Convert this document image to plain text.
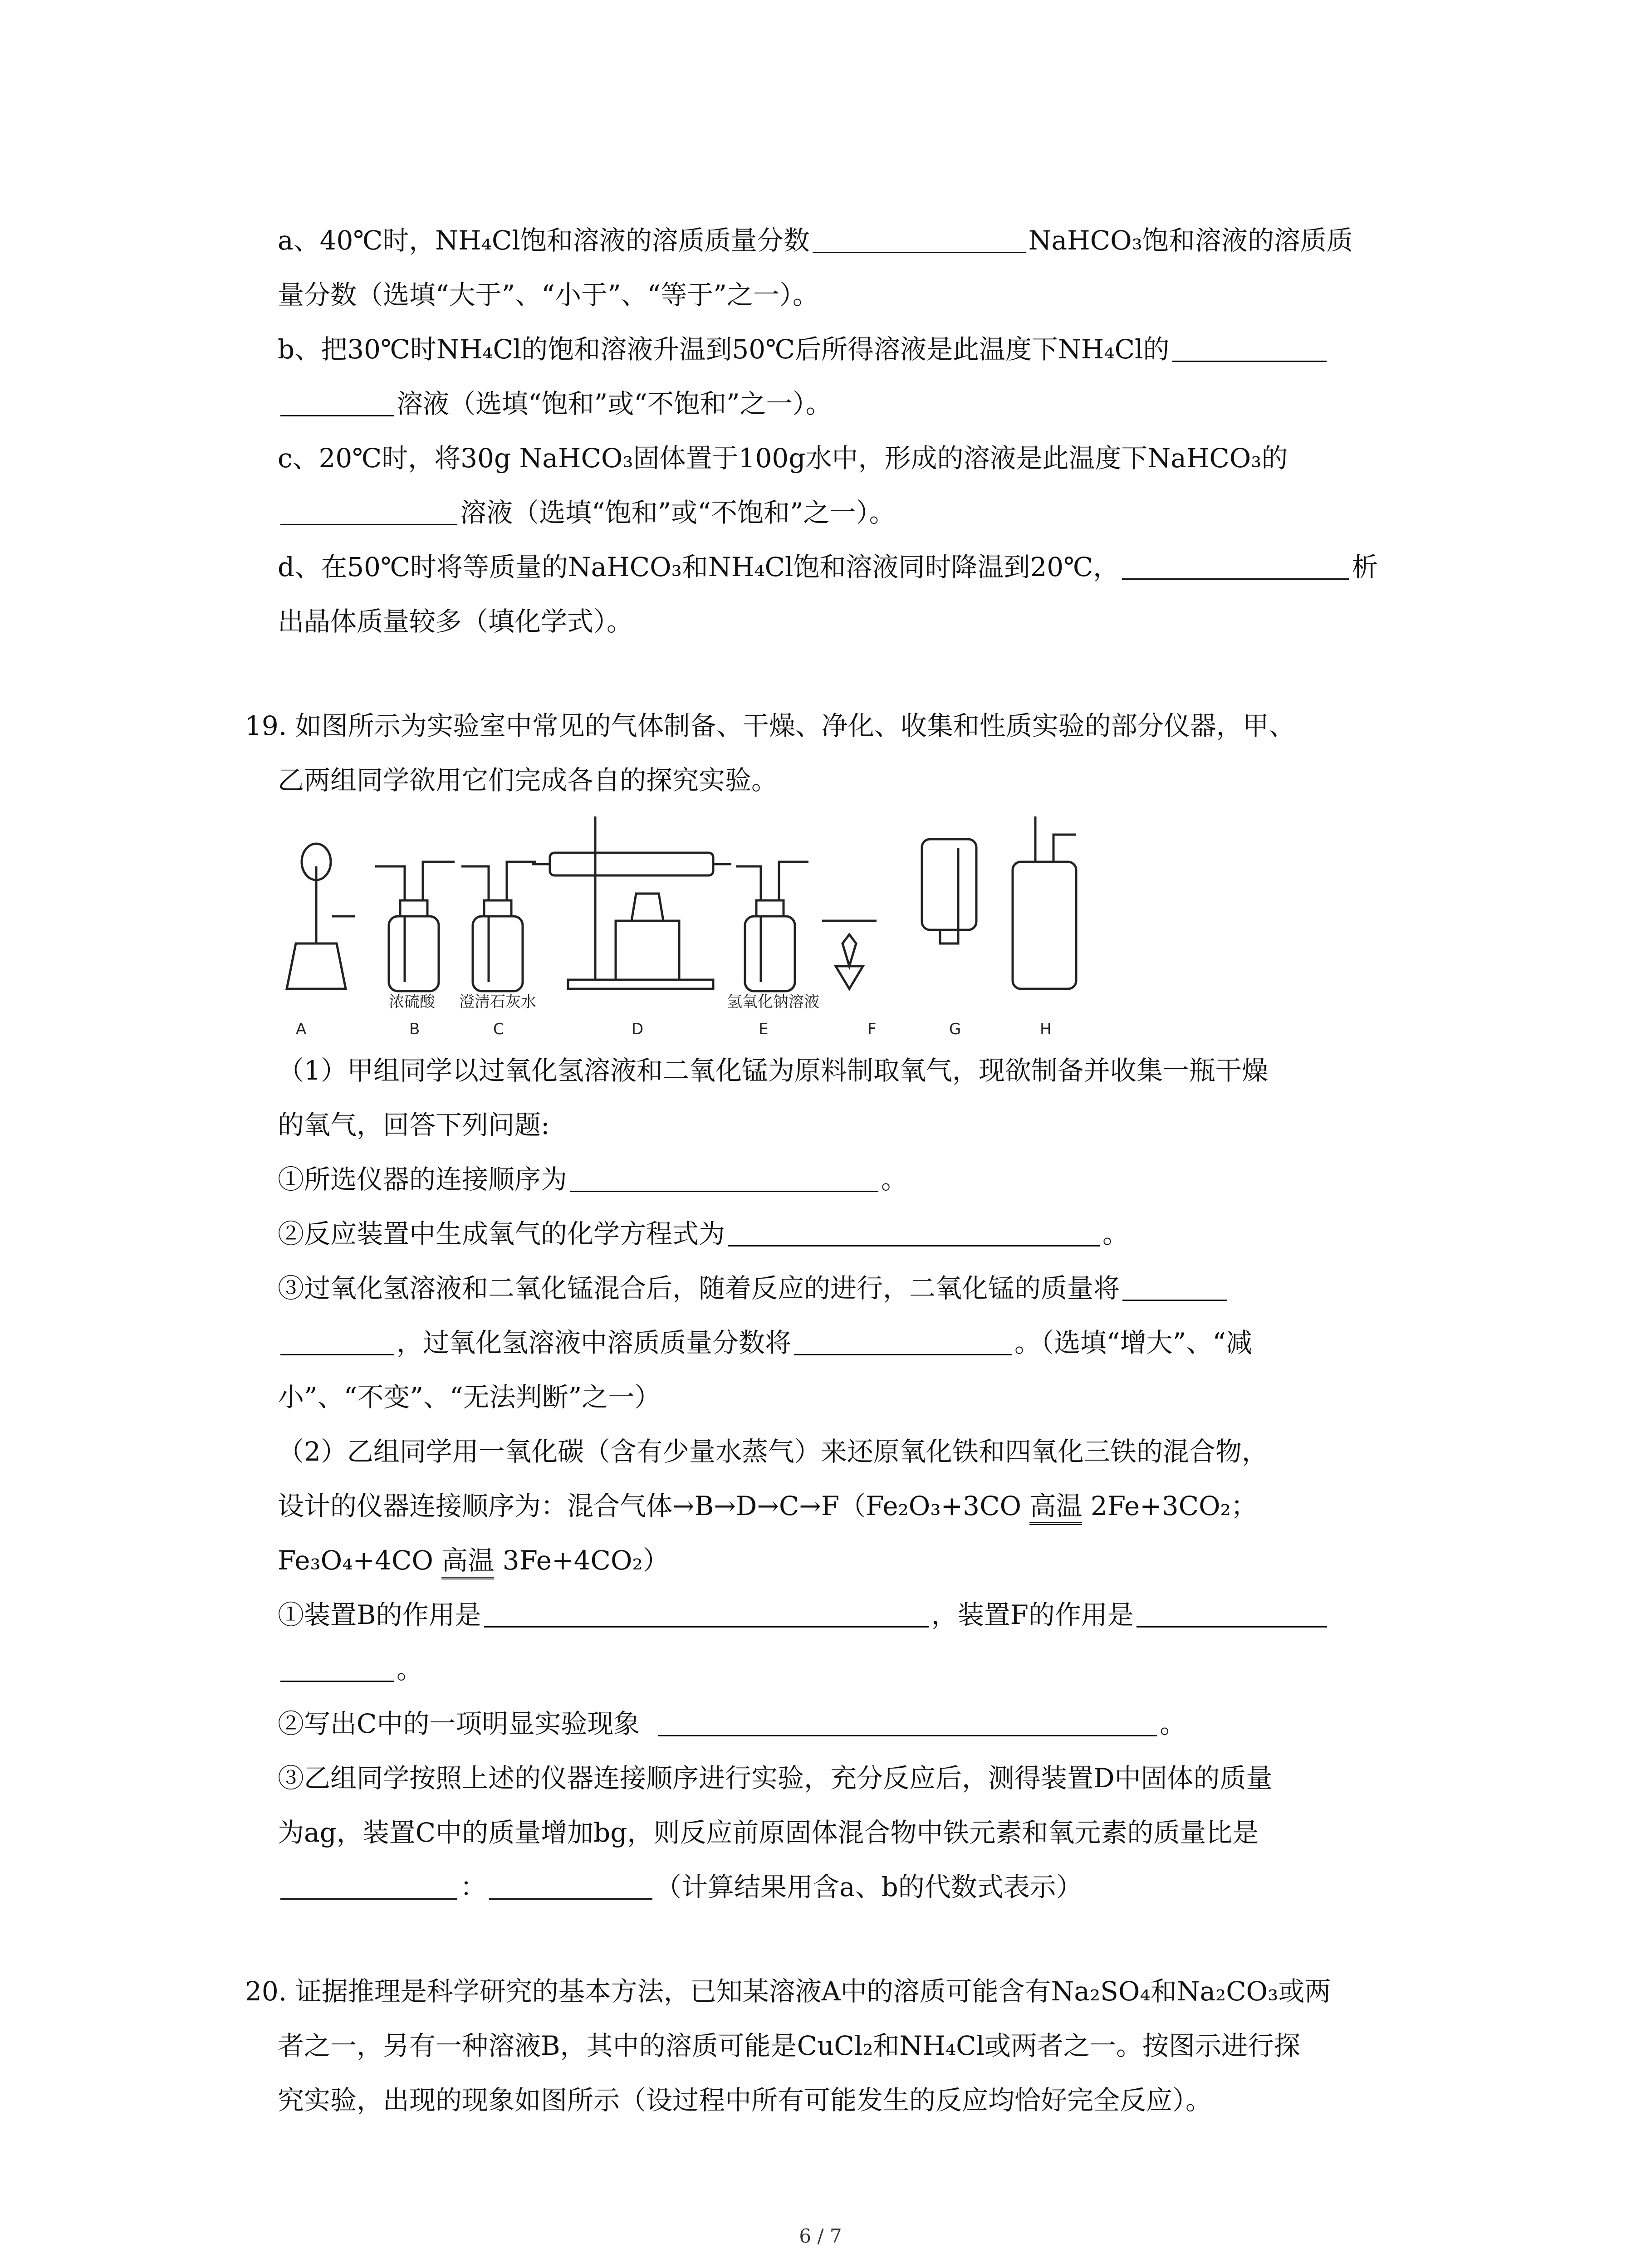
a、40℃时，NH₄Cl饱和溶液的溶质质量分数	NaHCO₃饱和溶液的溶质质
量分数（选填“大于”、“小于”、“等于”之一）。
b、把30℃时NH₄Cl的饱和溶液升温到50℃后所得溶液是此温度下NH₄Cl的
溶液（选填“饱和”或“不饱和”之一）。
c、20℃时，将30g NaHCO₃固体置于100g水中，形成的溶液是此温度下NaHCO₃的
溶液（选填“饱和”或“不饱和”之一）。
d、在50℃时将等质量的NaHCO₃和NH₄Cl饱和溶液同时降温到20℃，	析
出晶体质量较多（填化学式）。
19. 如图所示为实验室中常见的气体制备、干燥、净化、收集和性质实验的部分仪器，甲、
乙两组同学欲用它们完成各自的探究实验。
浓硫酸 澄清石灰水	氢氧化钠溶液
A	B	C	D	E	F	G	H
（1）甲组同学以过氧化氢溶液和二氧化锰为原料制取氧气，现欲制备并收集一瓶干燥
的氧气，回答下列问题:
①所选仪器的连接顺序为	。
②反应装置中生成氧气的化学方程式为	。
③过氧化氢溶液和二氧化锰混合后，随着反应的进行，二氧化锰的质量将
，过氧化氢溶液中溶质质量分数将	。（选填“增大”、“减
小”、“不变”、“无法判断”之一）
（2）乙组同学用一氧化碳（含有少量水蒸气）来还原氧化铁和四氧化三铁的混合物，
设计的仪器连接顺序为：混合气体→B→D→C→F（Fe₂O₃+3CO 高温 2Fe+3CO₂；
Fe₃O₄+4CO 高温 3Fe+4CO₂）
①装置B的作用是	，装置F的作用是
。
②写出C中的一项明显实验现象	。
③乙组同学按照上述的仪器连接顺序进行实验，充分反应后，测得装置D中固体的质量
为ag，装置C中的质量增加bg，则反应前原固体混合物中铁元素和氧元素的质量比是
：	（计算结果用含a、b的代数式表示）
20. 证据推理是科学研究的基本方法，已知某溶液A中的溶质可能含有Na₂SO₄和Na₂CO₃或两
者之一，另有一种溶液B，其中的溶质可能是CuCl₂和NH₄Cl或两者之一。按图示进行探
究实验，出现的现象如图所示（设过程中所有可能发生的反应均恰好完全反应）。
6 / 7
